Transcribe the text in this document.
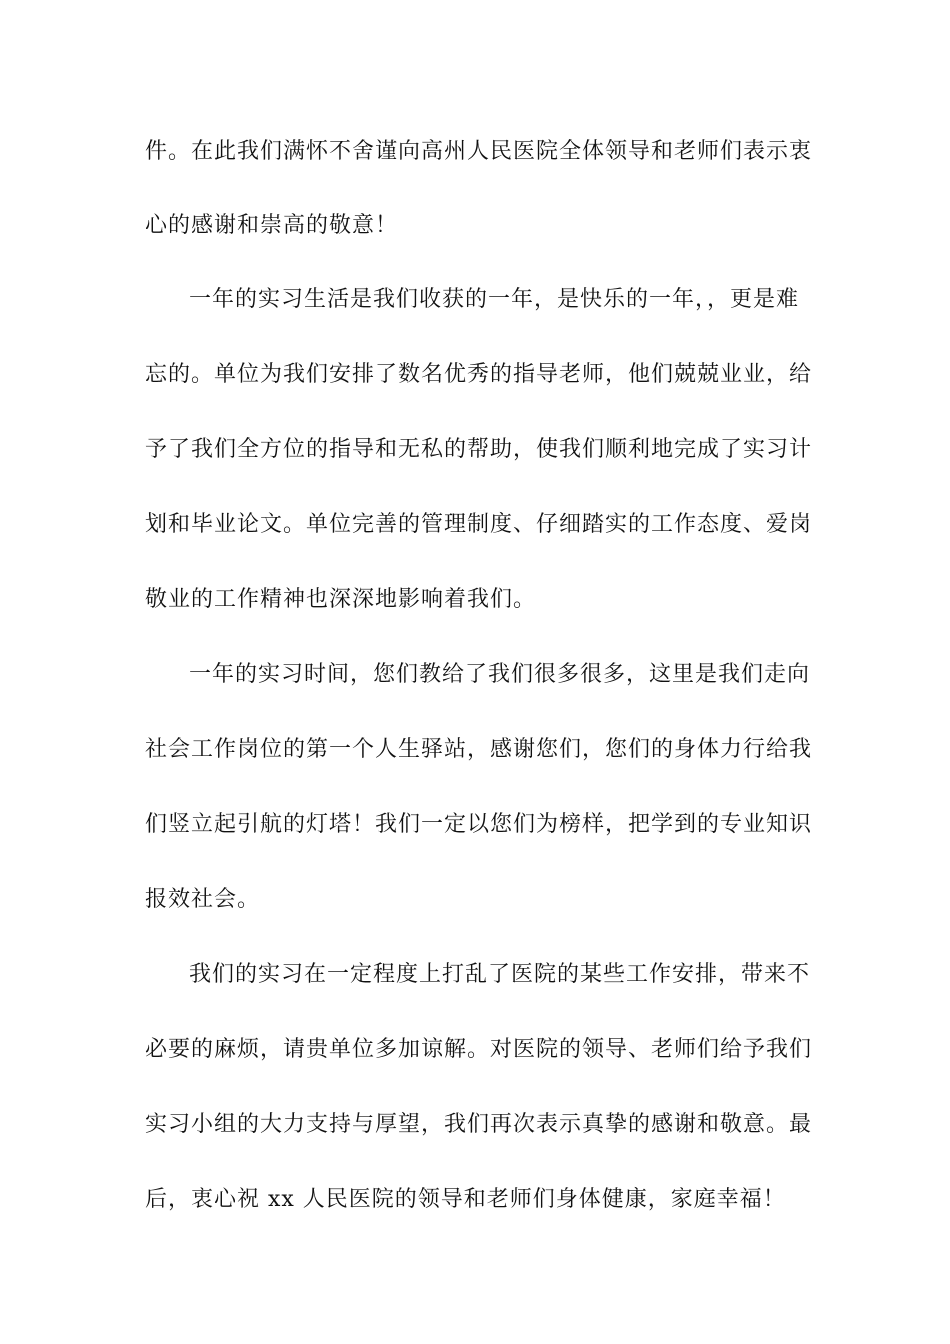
件。在此我们满怀不舍谨向高州人民医院全体领导和老师们表示衷
心的感谢和崇高的敬意！
一年的实习生活是我们收获的一年，是快乐的一年，，更是难
忘的。单位为我们安排了数名优秀的指导老师，他们兢兢业业，给
予了我们全方位的指导和无私的帮助，使我们顺利地完成了实习计
划和毕业论文。单位完善的管理制度、仔细踏实的工作态度、爱岗
敬业的工作精神也深深地影响着我们。
一年的实习时间，您们教给了我们很多很多，这里是我们走向
社会工作岗位的第一个人生驿站，感谢您们，您们的身体力行给我
们竖立起引航的灯塔！我们一定以您们为榜样，把学到的专业知识
报效社会。
我们的实习在一定程度上打乱了医院的某些工作安排，带来不
必要的麻烦，请贵单位多加谅解。对医院的领导、老师们给予我们
实习小组的大力支持与厚望，我们再次表示真挚的感谢和敬意。最
后，衷心祝 xx 人民医院的领导和老师们身体健康，家庭幸福！
